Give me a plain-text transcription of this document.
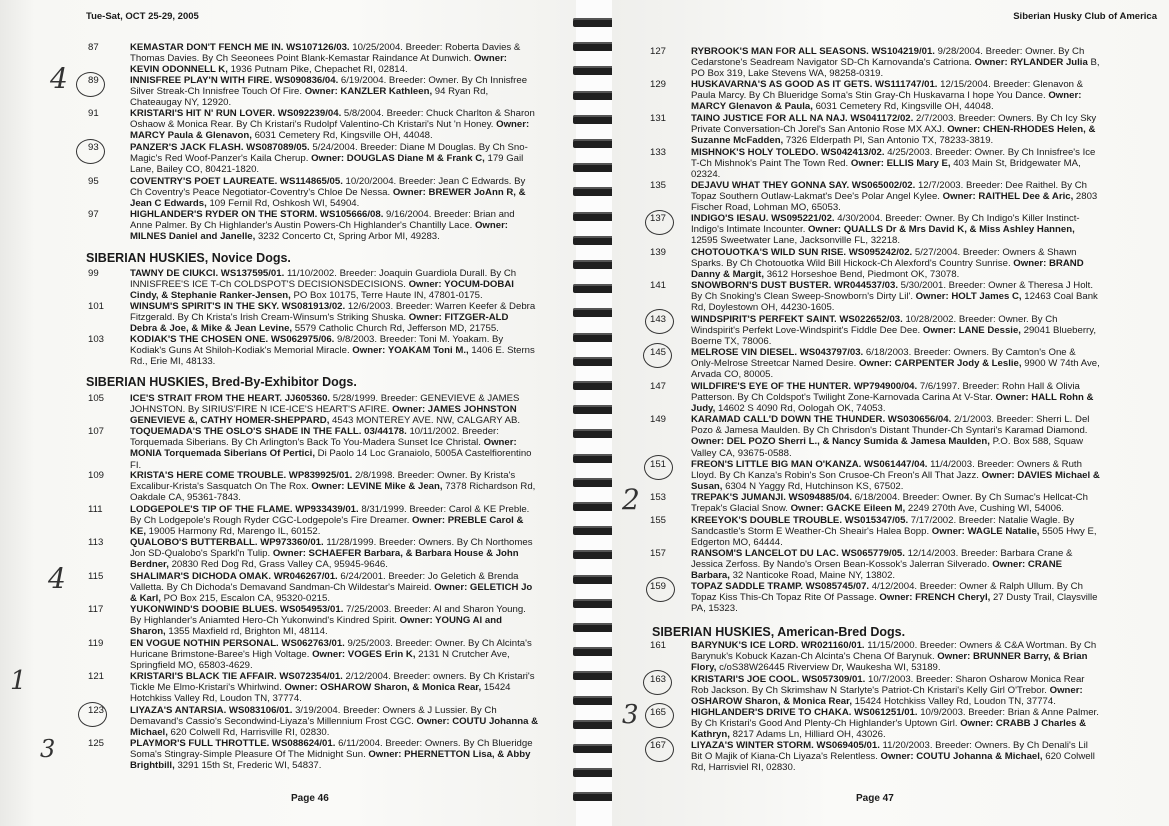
Tue-Sat, OCT 25-29, 2005
87	KEMASTAR DON'T FENCH ME IN. WS107126/03. 10/25/2004. Breeder: Roberta Davies & Thomas Davies. By Ch Seeonees Point Blank-Kemastar Raindance At Dunwich. Owner: KEVIN ODONNELL K, 1936 Putnam Pike, Chepachet RI, 02814.
89	INNISFREE PLAY'N WITH FIRE. WS090836/04. 6/19/2004. Breeder: Owner. By Ch Innisfree Silver Streak-Ch Innisfree Touch Of Fire. Owner: KANZLER Kathleen, 94 Ryan Rd, Chateaugay NY, 12920.
91	KRISTARI'S HIT N' RUN LOVER. WS092239/04. 5/8/2004. Breeder: Chuck Charlton & Sharon Oshaow & Monica Rear. By Ch Kristari's Rudolpf Valentino-Ch Kristari's Nut 'n Honey. Owner: MARCY Paula & Glenavon, 6031 Cemetery Rd, Kingsville OH, 44048.
93	PANZER'S JACK FLASH. WS087089/05. 5/24/2004. Breeder: Diane M Douglas. By Ch Sno-Magic's Red Woof-Panzer's Kaila Cherup. Owner: DOUGLAS Diane M & Frank C, 179 Gail Lane, Bailey CO, 80421-1820.
95	COVENTRY'S POET LAUREATE. WS114865/05. 10/20/2004. Breeder: Jean C Edwards. By Ch Coventry's Peace Negotiator-Coventry's Chloe De Nessa. Owner: BREWER JoAnn R, & Jean C Edwards, 109 Fernil Rd, Oshkosh WI, 54904.
97	HIGHLANDER'S RYDER ON THE STORM. WS105666/08. 9/16/2004. Breeder: Brian and Anne Palmer. By Ch Highlander's Austin Powers-Ch Highlander's Chantilly Lace. Owner: MILNES Daniel and Janelle, 3232 Concerto Ct, Spring Arbor MI, 49283.
SIBERIAN HUSKIES, Novice Dogs.
99	TAWNY DE CIUKCI. WS137595/01. 11/10/2002. Breeder: Joaquin Guardiola Durall. By Ch INNISFREE'S ICE T-Ch COLDSPOT'S DECISIONSDECISIONS. Owner: YOCUM-DOBAI Cindy, & Stephanie Ranker-Jensen, PO Box 10175, Terre Haute IN, 47801-0175.
101	WINSUM'S SPIRIT'S IN THE SKY. WS081913/02. 12/6/2003. Breeder: Warren Keefer & Debra Fitzgerald. By Ch Krista's Irish Cream-Winsum's Striking Shuska. Owner: FITZGER-ALD Debra & Joe, & Mike & Jean Levine, 5579 Catholic Church Rd, Jefferson MD, 21755.
103	KODIAK'S THE CHOSEN ONE. WS062975/06. 9/8/2003. Breeder: Toni M. Yoakam. By Kodiak's Guns At Shiloh-Kodiak's Memorial Miracle. Owner: YOAKAM Toni M., 1406 E. Sterns Rd., Erie MI, 48133.
SIBERIAN HUSKIES, Bred-By-Exhibitor Dogs.
105	ICE'S STRAIT FROM THE HEART. JJ605360. 5/28/1999. Breeder: GENEVIEVE & JAMES JOHNSTON. By SIRIUS'FIRE N ICE-ICE'S HEART'S AFIRE. Owner: JAMES JOHNSTON GENEVIEVE &, CATHY HOMER-SHEPPARD, 4543 MONTEREY AVE. NW, CALGARY AB.
107	TOQUEMADA'S THE OSLO'S SHADE IN THE FALL. 03/44178. 10/11/2002. Breeder: Torquemada Siberians. By Ch Arlington's Back To You-Madera Sunset Ice Christal. Owner: MONIA Torquemada Siberians Of Pertici, Di Paolo 14 Loc Granaiolo, 5005A Castelfiorentino FI.
109	KRISTA'S HERE COME TROUBLE. WP839925/01. 2/8/1998. Breeder: Owner. By Krista's Excalibur-Krista's Sasquatch On The Rox. Owner: LEVINE Mike & Jean, 7378 Richardson Rd, Oakdale CA, 95361-7843.
111	LODGEPOLE'S TIP OF THE FLAME. WP933439/01. 8/31/1999. Breeder: Carol & KE Preble. By Ch Lodgepole's Rough Ryder CGC-Lodgepole's Fire Dreamer. Owner: PREBLE Carol & KE, 19005 Harmony Rd, Marengo IL, 60152.
113	QUALOBO'S BUTTERBALL. WP973360/01. 11/28/1999. Breeder: Owners. By Ch Northomes Jon SD-Qualobo's Sparkl'n Tulip. Owner: SCHAEFER Barbara, & Barbara House & John Berdner, 20830 Red Dog Rd, Grass Valley CA, 95945-9646.
115	SHALIMAR'S DICHODA OMAK. WR046267/01. 6/24/2001. Breeder: Jo Geletich & Brenda Valletta. By Ch Dichoda's Demavand Sandman-Ch Wildestar's Maireid. Owner: GELETICH Jo & Karl, PO Box 215, Escalon CA, 95320-0215.
117	YUKONWIND'S DOOBIE BLUES. WS054953/01. 7/25/2003. Breeder: Al and Sharon Young. By Highlander's Aniamted Hero-Ch Yukonwind's Kindred Spirit. Owner: YOUNG Al and Sharon, 1355 Maxfield rd, Brighton MI, 48114.
119	EN VOGUE NOTHIN PERSONAL. WS062763/01. 9/25/2003. Breeder: Owner. By Ch Alcinta's Huricane Brimstone-Baree's High Voltage. Owner: VOGES Erin K, 2131 N Crutcher Ave, Springfield MO, 65803-4629.
121	KRISTARI'S BLACK TIE AFFAIR. WS072354/01. 2/12/2004. Breeder: owners. By Ch Kristari's Tickle Me Elmo-Kristari's Whirlwind. Owner: OSHAROW Sharon, & Monica Rear, 15424 Hotchkiss Valley Rd, Loudon TN, 37774.
123	LIYAZA'S ANTARSIA. WS083106/01. 3/19/2004. Breeder: Owners & J Lussier. By Ch Demavand's Cassio's Secondwind-Liyaza's Millennium Frost CGC. Owner: COUTU Johanna & Michael, 620 Colwell Rd, Harrisville RI, 02830.
125	PLAYMOR'S FULL THROTTLE. WS088624/01. 6/11/2004. Breeder: Owners. By Ch Blueridge Soma's Stingray-Simple Pleasure Of The Midnight Sun. Owner: PHERNETTON Lisa, & Abby Brightbill, 3291 15th St, Frederic WI, 54837.
Page 46
Siberian Husky Club of America
127	RYBROOK'S MAN FOR ALL SEASONS. WS104219/01. 9/28/2004. Breeder: Owner. By Ch Cedarstone's Seadream Navigator SD-Ch Karnovanda's Catriona. Owner: RYLANDER Julia B, PO Box 319, Lake Stevens WA, 98258-0319.
129	HUSKAVARNA'S AS GOOD AS IT GETS. WS111747/01. 12/15/2004. Breeder: Glenavon & Paula Marcy. By Ch Blueridge Soma's Stin Gray-Ch Huskavarna I hope You Dance. Owner: MARCY Glenavon & Paula, 6031 Cemetery Rd, Kingsville OH, 44048.
131	TAINO JUSTICE FOR ALL NA NAJ. WS041172/02. 2/7/2003. Breeder: Owners. By Ch Icy Sky Private Conversation-Ch Jorel's San Antonio Rose MX AXJ. Owner: CHEN-RHODES Helen, & Suzanne McFadden, 7326 Elderpath Pl, San Antonio TX, 78233-3819.
133	MISHNOK'S HOLY TOLEDO. WS042413/02. 4/25/2003. Breeder: Owner. By Ch Innisfree's Ice T-Ch Mishnok's Paint The Town Red. Owner: ELLIS Mary E, 403 Main St, Bridgewater MA, 02324.
135	DEJAVU WHAT THEY GONNA SAY. WS065002/02. 12/7/2003. Breeder: Dee Raithel. By Ch Topaz Southern Outlaw-Lakmat's Dee's Polar Angel Kylee. Owner: RAITHEL Dee & Aric, 2803 Fischer Road, Lohman MO, 65053.
137	INDIGO'S IESAU. WS095221/02. 4/30/2004. Breeder: Owner. By Ch Indigo's Killer Instinct-Indigo's Intimate Incounter. Owner: QUALLS Dr & Mrs David K, & Miss Ashley Hannen, 12595 Sweetwater Lane, Jacksonville FL, 32218.
139	CHOTOUOTKA'S WILD SUN RISE. WS095242/02. 5/27/2004. Breeder: Owners & Shawn Sparks. By Ch Chotouotka Wild Bill Hickock-Ch Alexford's Country Sunrise. Owner: BRAND Danny & Margit, 3612 Horseshoe Bend, Piedmont OK, 73078.
141	SNOWBORN'S DUST BUSTER. WR044537/03. 5/30/2001. Breeder: Owner & Theresa J Holt. By Ch Snoking's Clean Sweep-Snowborn's Dirty Lil'. Owner: HOLT James C, 12463 Coal Bank Rd, Doylestown OH, 44230-1605.
143	WINDSPIRIT'S PERFEKT SAINT. WS022652/03. 10/28/2002. Breeder: Owner. By Ch Windspirit's Perfekt Love-Windspirit's Fiddle Dee Dee. Owner: LANE Dessie, 29041 Blueberry, Boerne TX, 78006.
145	MELROSE VIN DIESEL. WS043797/03. 6/18/2003. Breeder: Owners. By Camton's One & Only-Melrose Streetcar Named Desire. Owner: CARPENTER Jody & Leslie, 9900 W 74th Ave, Arvada CO, 80005.
147	WILDFIRE'S EYE OF THE HUNTER. WP794900/04. 7/6/1997. Breeder: Rohn Hall & Olivia Patterson. By Ch Coldspot's Twilight Zone-Karnovada Carina At V-Star. Owner: HALL Rohn & Judy, 14602 S 4090 Rd, Oologah OK, 74053.
149	KARAMAD CALL'D DOWN THE THUNDER. WS030656/04. 2/1/2003. Breeder: Sherri L. Del Pozo & Jamesa Maulden. By Ch Chrisdon's Distant Thunder-Ch Syntari's Karamad Diamond. Owner: DEL POZO Sherri L., & Nancy Sumida & Jamesa Maulden, P.O. Box 588, Squaw Valley CA, 93675-0588.
151	FREON'S LITTLE BIG MAN O'KANZA. WS061447/04. 11/4/2003. Breeder: Owners & Ruth Lloyd. By Ch Kanza's Robin's Son Crusoe-Ch Freon's All That Jazz. Owner: DAVIES Michael & Susan, 6304 N Yaggy Rd, Hutchinson KS, 67502.
153	TREPAK'S JUMANJI. WS094885/04. 6/18/2004. Breeder: Owner. By Ch Sumac's Hellcat-Ch Trepak's Glacial Snow. Owner: GACKE Eileen M, 2249 270th Ave, Cushing WI, 54006.
155	KREEYOK'S DOUBLE TROUBLE. WS015347/05. 7/17/2002. Breeder: Natalie Wagle. By Sandcastle's Storm E Weather-Ch Sheair's Halea Bopp. Owner: WAGLE Natalie, 5505 Hwy E, Edgerton MO, 64444.
157	RANSOM'S LANCELOT DU LAC. WS065779/05. 12/14/2003. Breeder: Barbara Crane & Jessica Zerfoss. By Nando's Orsen Bean-Kossok's Jalerran Silverado. Owner: CRANE Barbara, 32 Nanticoke Road, Maine NY, 13802.
159	TOPAZ SADDLE TRAMP. WS085745/07. 4/12/2004. Breeder: Owner & Ralph Ullum. By Ch Topaz Kiss This-Ch Topaz Rite Of Passage. Owner: FRENCH Cheryl, 27 Dusty Trail, Claysville PA, 15323.
SIBERIAN HUSKIES, American-Bred Dogs.
161	BARYNUK'S ICE LORD. WR021160/01. 11/15/2000. Breeder: Owners & C&A Wortman. By Ch Barynuk's Kobuck Kazan-Ch Alcinta's Chena Of Barynuk. Owner: BRUNNER Barry, & Brian Flory, c/oS38W26445 Riverview Dr, Waukesha WI, 53189.
163	KRISTARI'S JOE COOL. WS057309/01. 10/7/2003. Breeder: Sharon Osharow Monica Rear Rob Jackson. By Ch Skrimshaw N Starlyte's Patriot-Ch Kristari's Kelly Girl O'Trebor. Owner: OSHAROW Sharon, & Monica Rear, 15424 Hotchkiss Valley Rd, Loudon TN, 37774.
165	HIGHLANDER'S DRIVE TO CHAKA. WS061251/01. 10/9/2003. Breeder: Brian & Anne Palmer. By Ch Kristari's Good And Plenty-Ch Highlander's Uptown Girl. Owner: CRABB J Charles & Kathryn, 8217 Adams Ln, Hilliard OH, 43026.
167	LIYAZA'S WINTER STORM. WS069405/01. 11/20/2003. Breeder: Owners. By Ch Denali's Lil Bit O Majik of Kiana-Ch Liyaza's Relentless. Owner: COUTU Johanna & Michael, 620 Colwell Rd, Harrisviel RI, 02830.
Page 47
4
4
1
3
2
3
